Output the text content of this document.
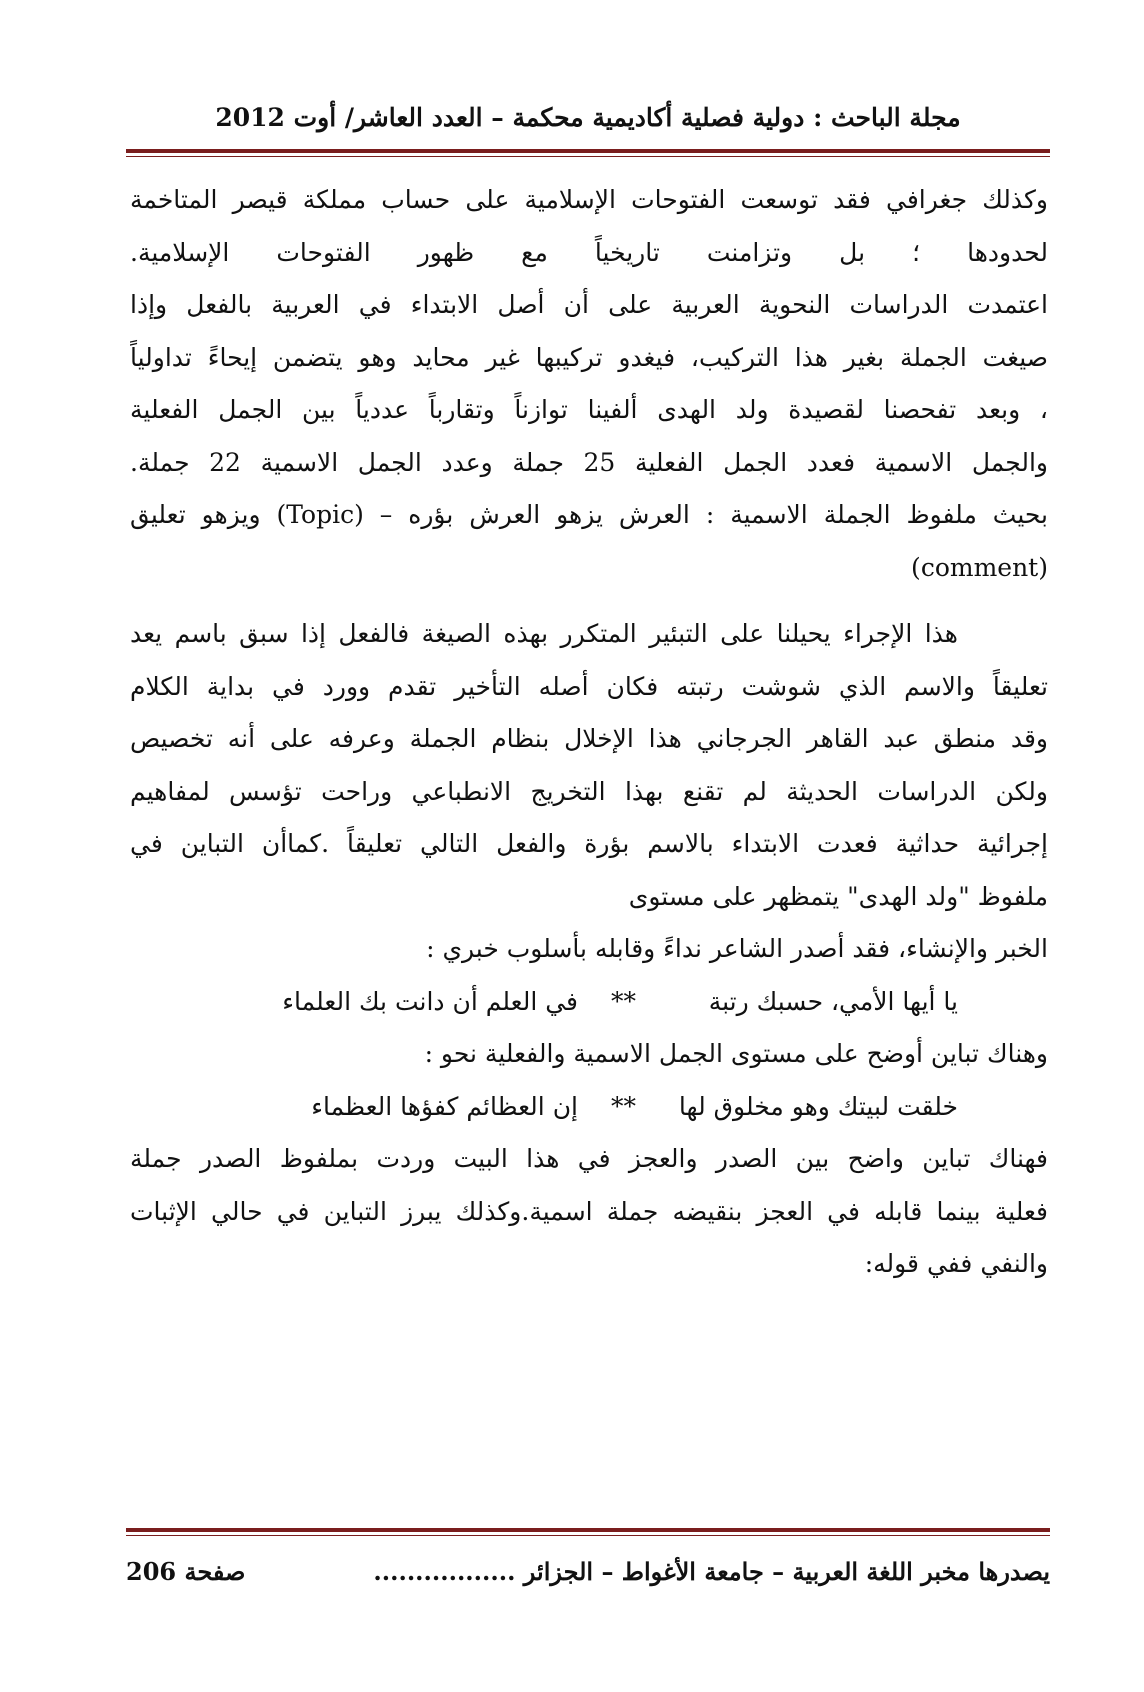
مجلة الباحث : دولية فصلية أكاديمية محكمة – العدد العاشر/ أوت 2012
وكذلك جغرافي فقد توسعت الفتوحات الإسلامية على حساب مملكة قيصر المتاخمة
لحدودها ؛ بل وتزامنت تاريخياً مع ظهور الفتوحات الإسلامية.
اعتمدت الدراسات النحوية العربية على أن أصل الابتداء في العربية بالفعل وإذا
صيغت الجملة بغير هذا التركيب، فيغدو تركيبها غير محايد وهو يتضمن إيحاءً تداولياً
، وبعد تفحصنا لقصيدة ولد الهدى ألفينا توازناً وتقارباً عددياً بين الجمل الفعلية
والجمل الاسمية فعدد الجمل الفعلية 25 جملة وعدد الجمل الاسمية 22 جملة.
بحيث ملفوظ الجملة الاسمية : العرش يزهو العرش بؤره – (Topic) ويزهو تعليق
(comment)
هذا الإجراء يحيلنا على التبئير المتكرر بهذه الصيغة فالفعل إذا سبق باسم يعد
تعليقاً والاسم الذي شوشت رتبته فكان أصله التأخير تقدم وورد في بداية الكلام
وقد منطق عبد القاهر الجرجاني هذا الإخلال بنظام الجملة وعرفه على أنه تخصيص
ولكن الدراسات الحديثة لم تقنع بهذا التخريج الانطباعي وراحت تؤسس لمفاهيم
إجرائية حداثية فعدت الابتداء بالاسم بؤرة والفعل التالي تعليقاً .كماأن التباين في
ملفوظ "ولد الهدى" يتمظهر على مستوى
الخبر والإنشاء، فقد أصدر الشاعر نداءً وقابله بأسلوب خبري :
يا أيها الأمي، حسبك رتبة
**
في العلم أن دانت بك العلماء
وهناك تباين أوضح على مستوى الجمل الاسمية والفعلية نحو :
خلقت لبيتك وهو مخلوق لها
**
إن العظائم كفؤها العظماء
فهناك تباين واضح بين الصدر والعجز في هذا البيت وردت بملفوظ الصدر جملة
فعلية بينما قابله في العجز بنقيضه جملة اسمية.وكذلك يبرز التباين في حالي الإثبات
والنفي ففي قوله:
يصدرها مخبر اللغة العربية – جامعة الأغواط – الجزائر .................
صفحة 206
